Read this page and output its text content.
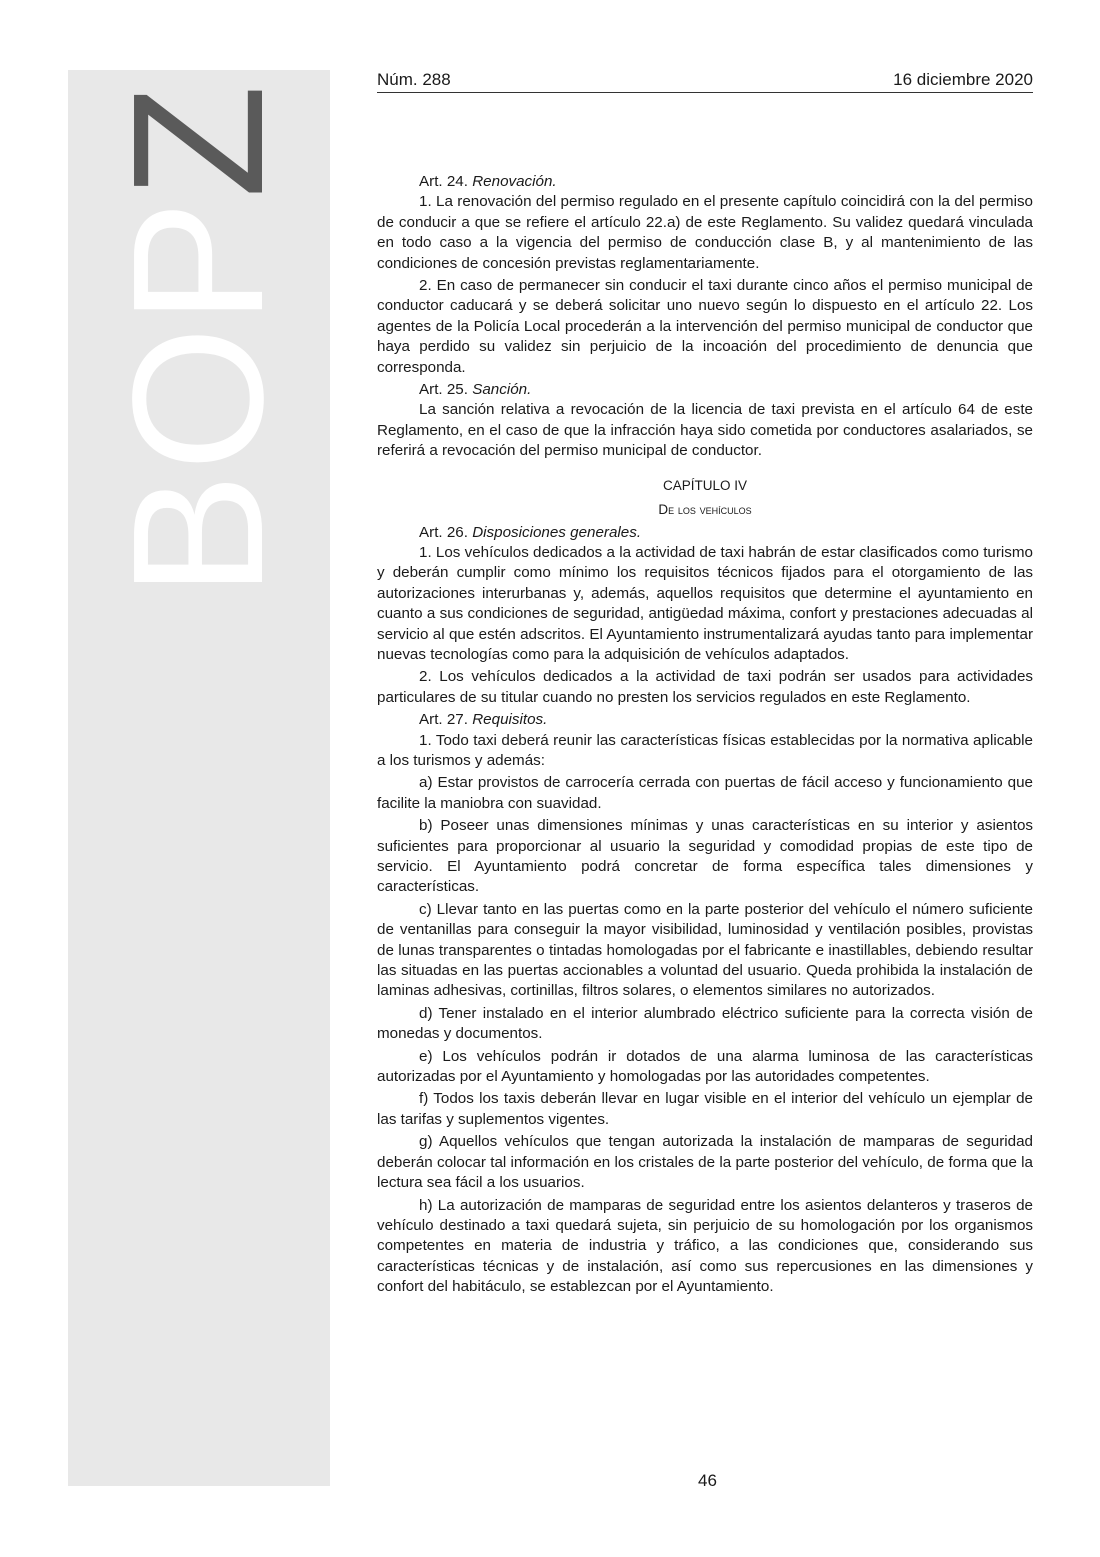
BOPZ
Núm. 288	16 diciembre 2020

Art. 24. Renovación.

1. La renovación del permiso regulado en el presente capítulo coincidirá con la del permiso de conducir a que se refiere el artículo 22.a) de este Reglamento. Su validez quedará vinculada en todo caso a la vigencia del permiso de conducción clase B, y al mantenimiento de las condiciones de concesión previstas reglamentariamente.

2. En caso de permanecer sin conducir el taxi durante cinco años el permiso municipal de conductor caducará y se deberá solicitar uno nuevo según lo dispuesto en el artículo 22. Los agentes de la Policía Local procederán a la intervención del permiso municipal de conductor que haya perdido su validez sin perjuicio de la incoación del procedimiento de denuncia que corresponda.

Art. 25. Sanción.

La sanción relativa a revocación de la licencia de taxi prevista en el artículo 64 de este Reglamento, en el caso de que la infracción haya sido cometida por conductores asalariados, se referirá a revocación del permiso municipal de conductor.

CAPÍTULO IV

De los vehículos

Art. 26. Disposiciones generales.

1. Los vehículos dedicados a la actividad de taxi habrán de estar clasificados como turismo y deberán cumplir como mínimo los requisitos técnicos fijados para el otorgamiento de las autorizaciones interurbanas y, además, aquellos requisitos que determine el ayuntamiento en cuanto a sus condiciones de seguridad, antigüedad máxima, confort y prestaciones adecuadas al servicio al que estén adscritos. El Ayuntamiento instrumentalizará ayudas tanto para implementar nuevas tecnologías como para la adquisición de vehículos adaptados.

2. Los vehículos dedicados a la actividad de taxi podrán ser usados para actividades particulares de su titular cuando no presten los servicios regulados en este Reglamento.

Art. 27. Requisitos.

1. Todo taxi deberá reunir las características físicas establecidas por la normativa aplicable a los turismos y además:

a) Estar provistos de carrocería cerrada con puertas de fácil acceso y funcionamiento que facilite la maniobra con suavidad.

b) Poseer unas dimensiones mínimas y unas características en su interior y asientos suficientes para proporcionar al usuario la seguridad y comodidad propias de este tipo de servicio. El Ayuntamiento podrá concretar de forma específica tales dimensiones y características.

c) Llevar tanto en las puertas como en la parte posterior del vehículo el número suficiente de ventanillas para conseguir la mayor visibilidad, luminosidad y ventilación posibles, provistas de lunas transparentes o tintadas homologadas por el fabricante e inastillables, debiendo resultar las situadas en las puertas accionables a voluntad del usuario. Queda prohibida la instalación de laminas adhesivas, cortinillas, filtros solares, o elementos similares no autorizados.

d) Tener instalado en el interior alumbrado eléctrico suficiente para la correcta visión de monedas y documentos.

e) Los vehículos podrán ir dotados de una alarma luminosa de las características autorizadas por el Ayuntamiento y homologadas por las autoridades competentes.

f) Todos los taxis deberán llevar en lugar visible en el interior del vehículo un ejemplar de las tarifas y suplementos vigentes.

g) Aquellos vehículos que tengan autorizada la instalación de mamparas de seguridad deberán colocar tal información en los cristales de la parte posterior del vehículo, de forma que la lectura sea fácil a los usuarios.

h) La autorización de mamparas de seguridad entre los asientos delanteros y traseros de vehículo destinado a taxi quedará sujeta, sin perjuicio de su homologación por los organismos competentes en materia de industria y tráfico, a las condiciones que, considerando sus características técnicas y de instalación, así como sus repercusiones en las dimensiones y confort del habitáculo, se establezcan por el Ayuntamiento.

46
